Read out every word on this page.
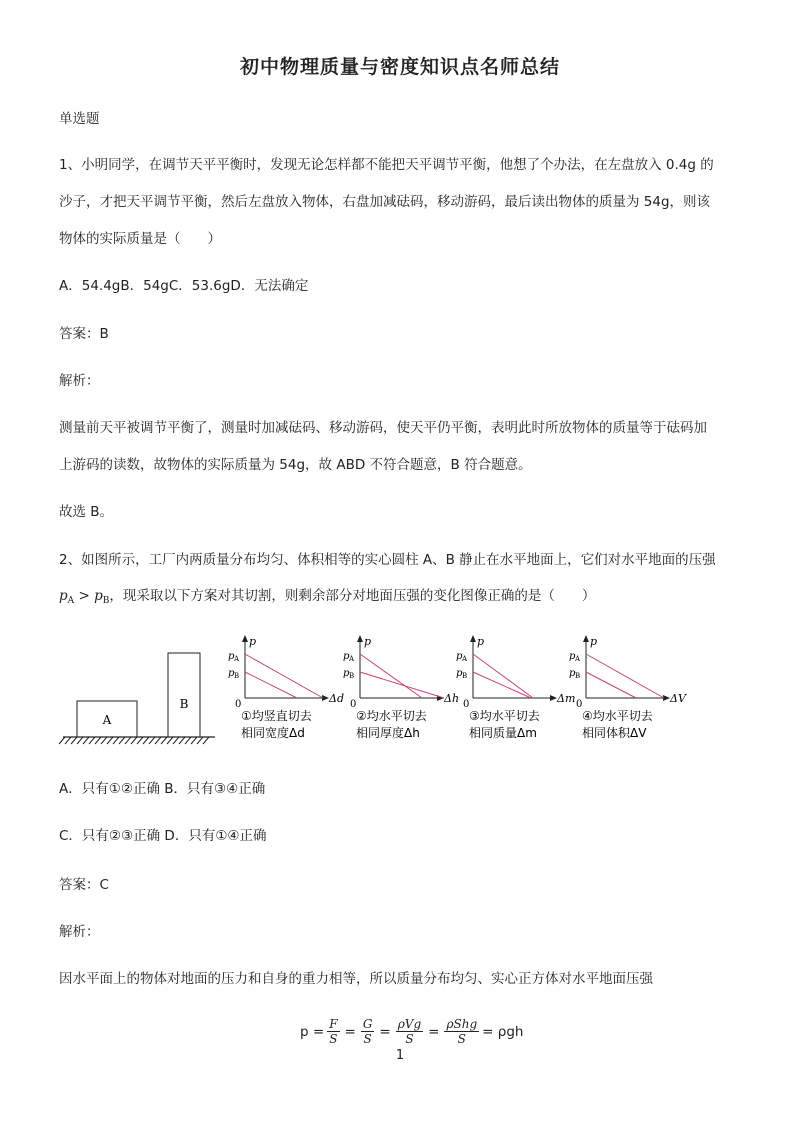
初中物理质量与密度知识点名师总结
单选题
1、小明同学，在调节天平平衡时，发现无论怎样都不能把天平调节平衡，他想了个办法，在左盘放入 0.4g 的
沙子，才把天平调节平衡，然后左盘放入物体，右盘加减砝码，移动游码，最后读出物体的质量为 54g，则该
物体的实际质量是（　　）
A．54.4gB．54gC．53.6gD．无法确定
答案：B
解析：
测量前天平被调节平衡了，测量时加减砝码、移动游码，使天平仍平衡，表明此时所放物体的质量等于砝码加
上游码的读数，故物体的实际质量为 54g，故 ABD 不符合题意，B 符合题意。
故选 B。
2、如图所示，工厂内两质量分布均匀、体积相等的实心圆柱 A、B 静止在水平地面上，它们对水平地面的压强
$p_A > p_B$，现采取以下方案对其切割，则剩余部分对地面压强的变化图像正确的是（　　）
A
B
p
p A
p B
0	Δd
①均竖直切去
相同宽度Δd
p
p A
p B
0	Δh
②均水平切去
相同厚度Δh
p
p A
p B
0	Δm
③均水平切去
相同质量Δm
p
p A
p B
0	ΔV
④均水平切去
相同体积ΔV
A．只有①②正确 B．只有③④正确
C．只有②③正确 D．只有①④正确
答案：C
解析：
因水平面上的物体对地面的压力和自身的重力相等，所以质量分布均匀、实心正方体对水平地面压强
$p = \frac{F}{S} = \frac{G}{S} = \frac{\text{ρVg}}{S} = \frac{\text{ρShg}}{S} = \rho gh$
1
